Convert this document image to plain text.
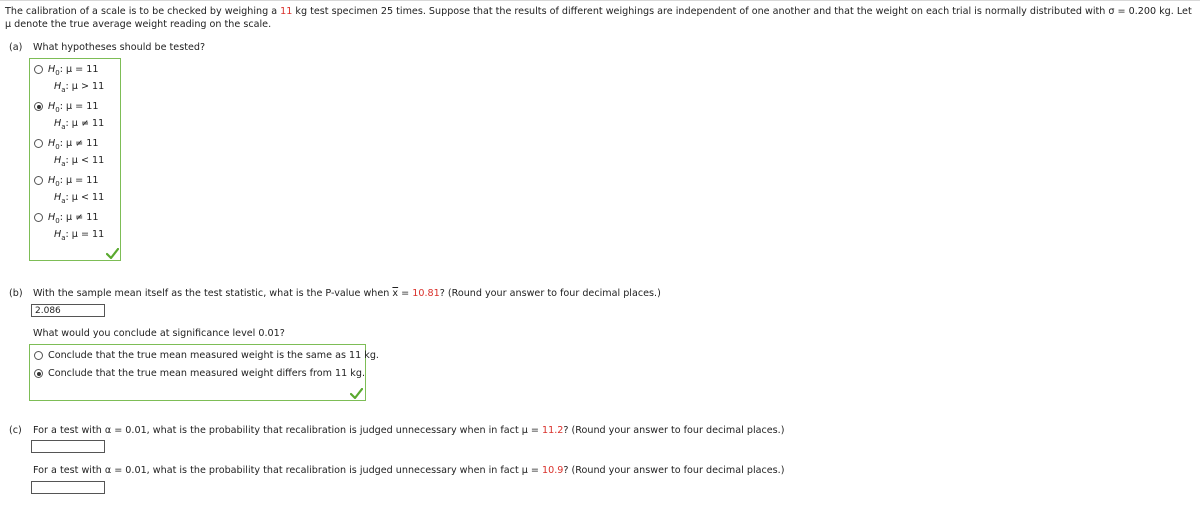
The calibration of a scale is to be checked by weighing a 11 kg test specimen 25 times. Suppose that the results of different weighings are independent of one another and that the weight on each trial is normally distributed with σ = 0.200 kg. Let μ denote the true average weight reading on the scale.
(a) What hypotheses should be tested?
$H_0$: μ = 11
$H_a$: μ > 11
$H_0$: μ = 11
$H_a$: μ ≠ 11
$H_0$: μ ≠ 11
$H_a$: μ < 11
$H_0$: μ = 11
$H_a$: μ < 11
$H_0$: μ ≠ 11
$H_a$: μ = 11
(b) With the sample mean itself as the test statistic, what is the P-value when $\overline{x} = 10.81$? (Round your answer to four decimal places.)
2.086
What would you conclude at significance level 0.01?
Conclude that the true mean measured weight is the same as 11 kg.
Conclude that the true mean measured weight differs from 11 kg.
(c) For a test with α = 0.01, what is the probability that recalibration is judged unnecessary when in fact μ = 11.2? (Round your answer to four decimal places.)
For a test with α = 0.01, what is the probability that recalibration is judged unnecessary when in fact μ = 10.9? (Round your answer to four decimal places.)
